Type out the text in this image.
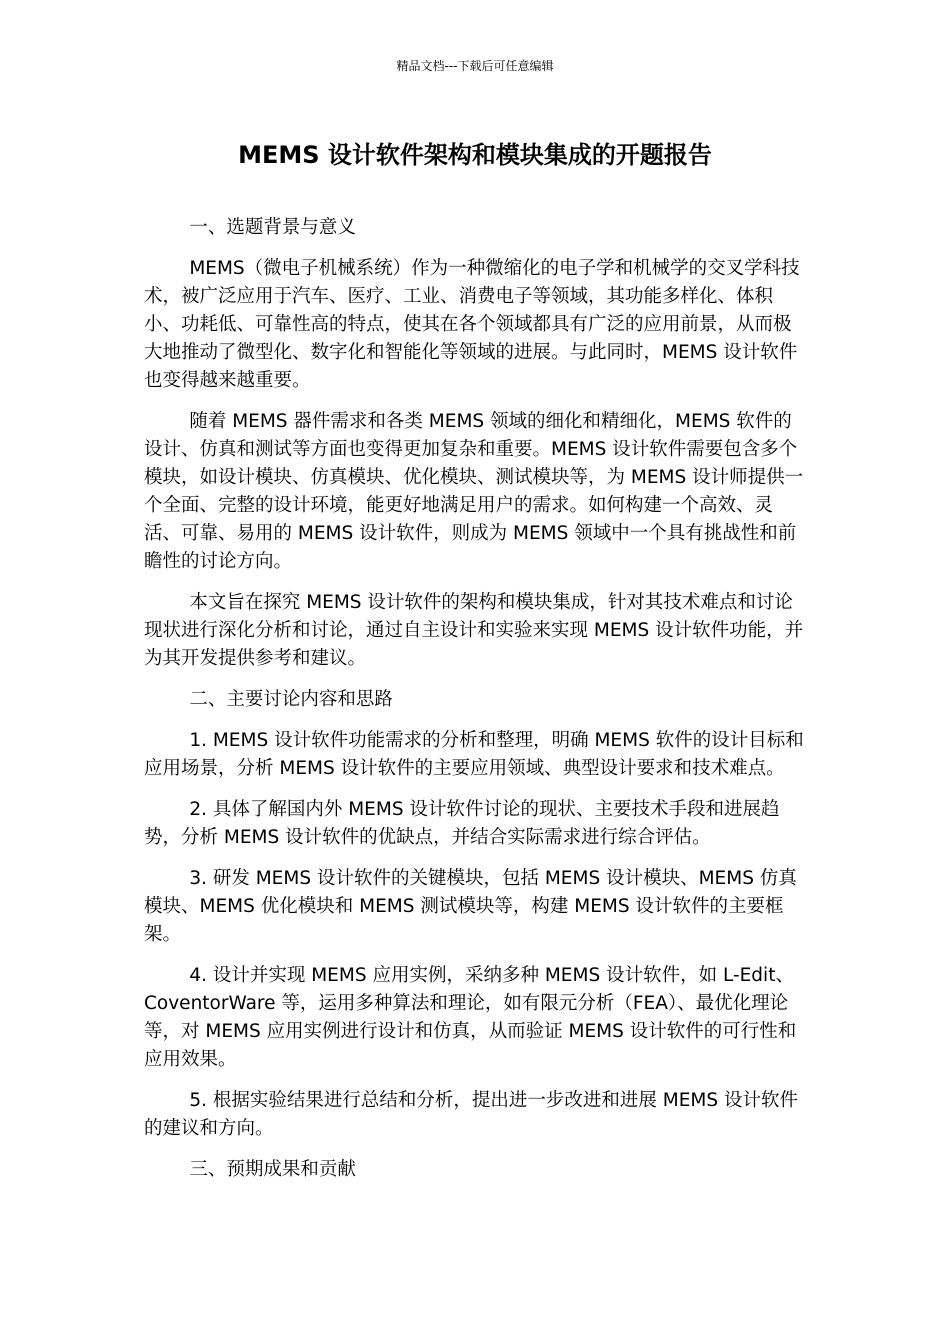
精品文档---下载后可任意编辑
MEMS 设计软件架构和模块集成的开题报告

一、选题背景与意义

MEMS（微电子机械系统）作为一种微缩化的电子学和机械学的交叉学科技术，被广泛应用于汽车、医疗、工业、消费电子等领域，其功能多样化、体积小、功耗低、可靠性高的特点，使其在各个领域都具有广泛的应用前景，从而极大地推动了微型化、数字化和智能化等领域的进展。与此同时，MEMS 设计软件也变得越来越重要。

随着 MEMS 器件需求和各类 MEMS 领域的细化和精细化，MEMS 软件的设计、仿真和测试等方面也变得更加复杂和重要。MEMS 设计软件需要包含多个模块，如设计模块、仿真模块、优化模块、测试模块等，为 MEMS 设计师提供一个全面、完整的设计环境，能更好地满足用户的需求。如何构建一个高效、灵活、可靠、易用的 MEMS 设计软件，则成为 MEMS 领域中一个具有挑战性和前瞻性的讨论方向。

本文旨在探究 MEMS 设计软件的架构和模块集成，针对其技术难点和讨论现状进行深化分析和讨论，通过自主设计和实验来实现 MEMS 设计软件功能，并为其开发提供参考和建议。

二、主要讨论内容和思路

1. MEMS 设计软件功能需求的分析和整理，明确 MEMS 软件的设计目标和应用场景，分析 MEMS 设计软件的主要应用领域、典型设计要求和技术难点。

2. 具体了解国内外 MEMS 设计软件讨论的现状、主要技术手段和进展趋势，分析 MEMS 设计软件的优缺点，并结合实际需求进行综合评估。

3. 研发 MEMS 设计软件的关键模块，包括 MEMS 设计模块、MEMS 仿真模块、MEMS 优化模块和 MEMS 测试模块等，构建 MEMS 设计软件的主要框架。

4. 设计并实现 MEMS 应用实例，采纳多种 MEMS 设计软件，如 L-Edit、CoventorWare 等，运用多种算法和理论，如有限元分析（FEA）、最优化理论等，对 MEMS 应用实例进行设计和仿真，从而验证 MEMS 设计软件的可行性和应用效果。

5. 根据实验结果进行总结和分析，提出进一步改进和进展 MEMS 设计软件的建议和方向。

三、预期成果和贡献
